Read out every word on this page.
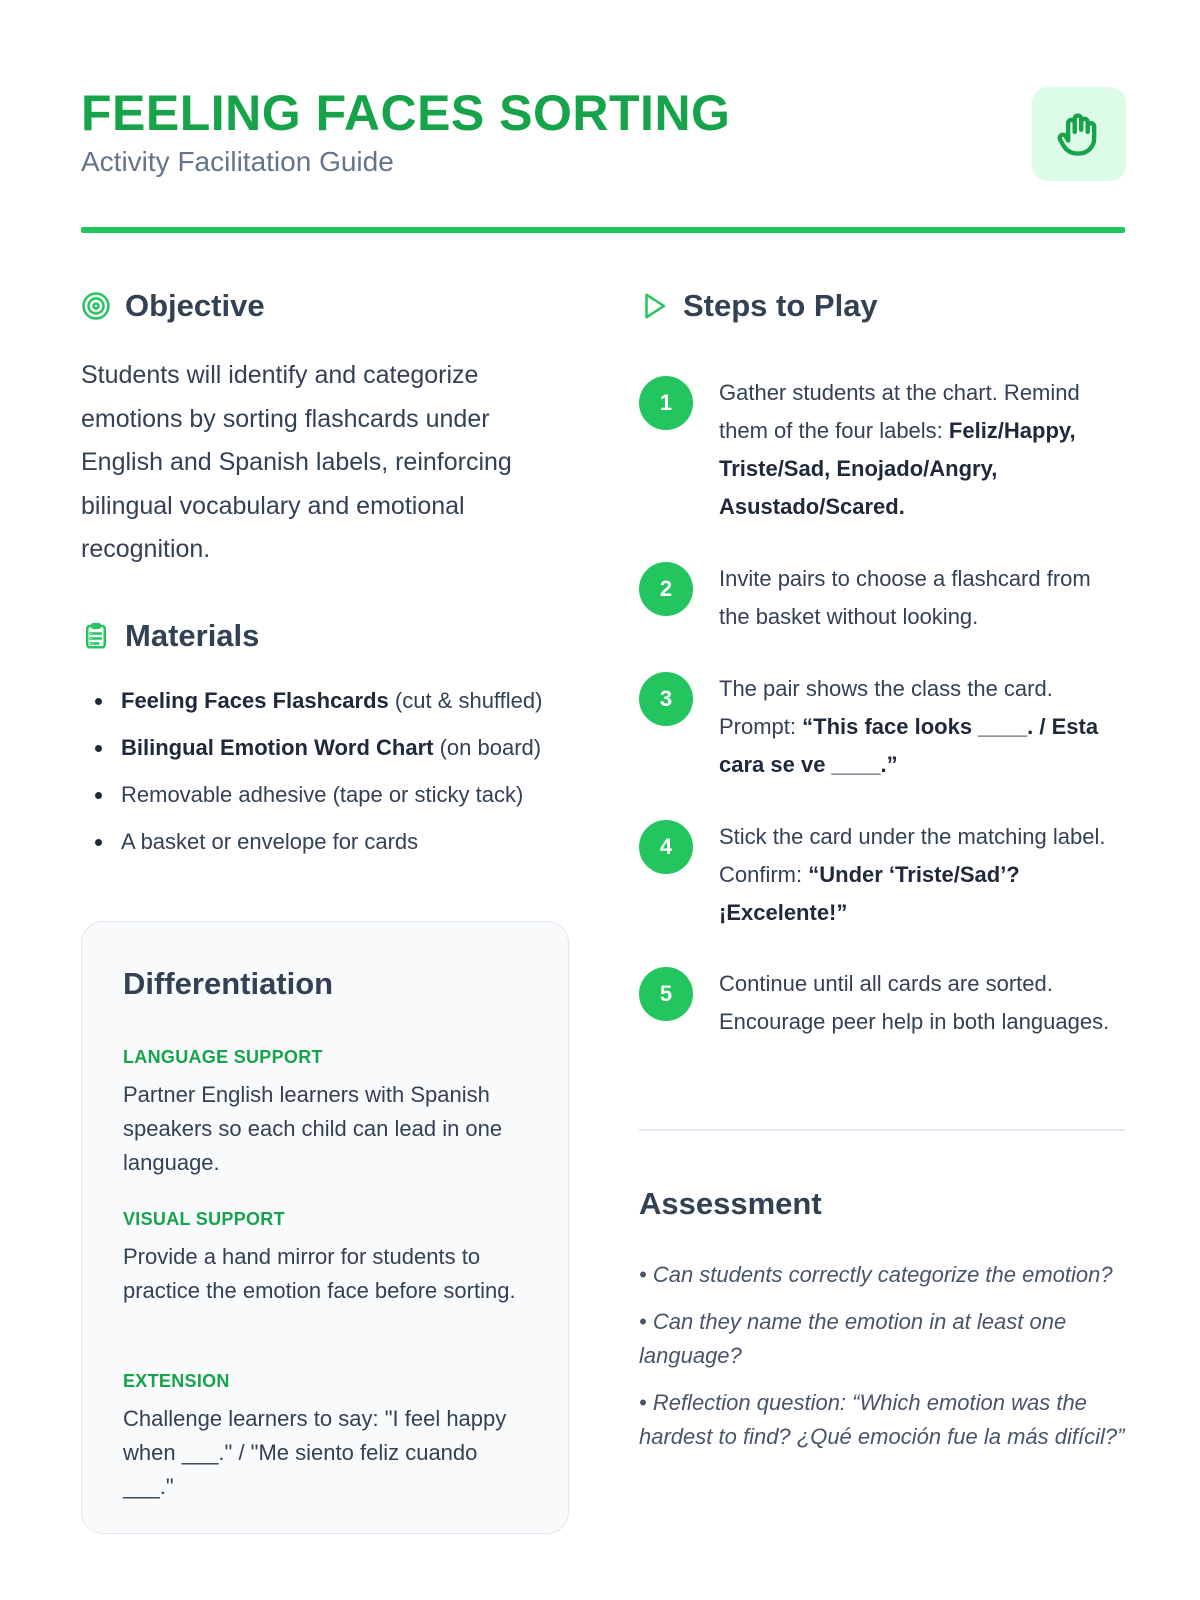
FEELING FACES SORTING
Activity Facilitation Guide
Objective

Students will identify and categorize emotions by sorting flashcards under English and Spanish labels, reinforcing bilingual vocabulary and emotional recognition.

Materials
Feeling Faces Flashcards (cut & shuffled)
Bilingual Emotion Word Chart (on board)
Removable adhesive (tape or sticky tack)
A basket or envelope for cards
Differentiation
LANGUAGE SUPPORT
Partner English learners with Spanish speakers so each child can lead in one language.
VISUAL SUPPORT
Provide a hand mirror for students to practice the emotion face before sorting.
EXTENSION
Challenge learners to say: "I feel happy when ___." / "Me siento feliz cuando ___."
Steps to Play
1	Gather students at the chart. Remind them of the four labels: Feliz/Happy, Triste/Sad, Enojado/Angry, Asustado/Scared.
2	Invite pairs to choose a flashcard from the basket without looking.
3	The pair shows the class the card. Prompt: “This face looks ____. / Esta cara se ve ____.”
4	Stick the card under the matching label. Confirm: “Under ‘Triste/Sad’? ¡Excelente!”
5	Continue until all cards are sorted. Encourage peer help in both languages.
Assessment
• Can students correctly categorize the emotion?
• Can they name the emotion in at least one language?
• Reflection question: “Which emotion was the hardest to find? ¿Qué emoción fue la más difícil?”
